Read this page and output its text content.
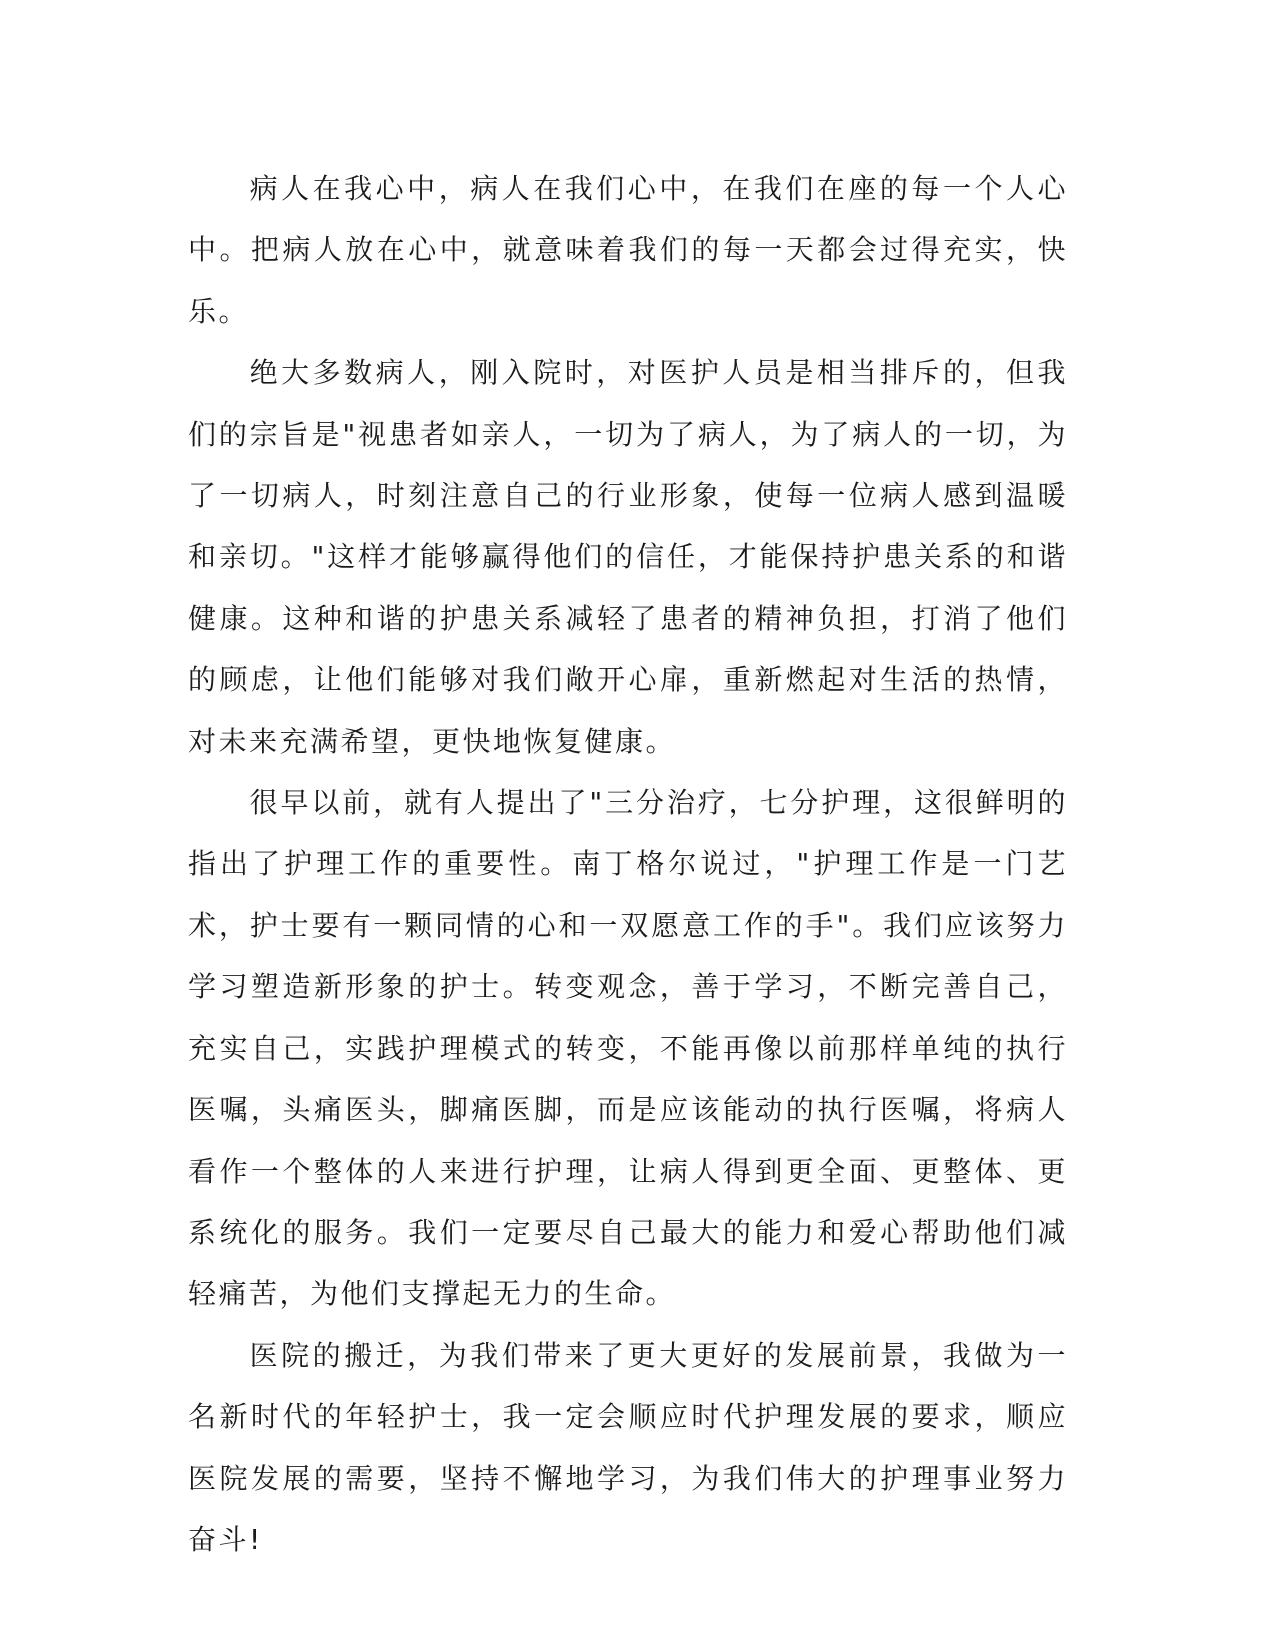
病人在我心中，病人在我们心中，在我们在座的每一个人心中。把病人放在心中，就意味着我们的每一天都会过得充实，快乐。

绝大多数病人，刚入院时，对医护人员是相当排斥的，但我们的宗旨是"视患者如亲人，一切为了病人，为了病人的一切，为了一切病人，时刻注意自己的行业形象，使每一位病人感到温暖和亲切。"这样才能够赢得他们的信任，才能保持护患关系的和谐健康。这种和谐的护患关系减轻了患者的精神负担，打消了他们的顾虑，让他们能够对我们敞开心扉，重新燃起对生活的热情，对未来充满希望，更快地恢复健康。

很早以前，就有人提出了"三分治疗，七分护理，这很鲜明的指出了护理工作的重要性。南丁格尔说过，"护理工作是一门艺术，护士要有一颗同情的心和一双愿意工作的手"。我们应该努力学习塑造新形象的护士。转变观念，善于学习，不断完善自己，充实自己，实践护理模式的转变，不能再像以前那样单纯的执行医嘱，头痛医头，脚痛医脚，而是应该能动的执行医嘱，将病人看作一个整体的人来进行护理，让病人得到更全面、更整体、更系统化的服务。我们一定要尽自己最大的能力和爱心帮助他们减轻痛苦，为他们支撑起无力的生命。

医院的搬迁，为我们带来了更大更好的发展前景，我做为一名新时代的年轻护士，我一定会顺应时代护理发展的要求，顺应医院发展的需要，坚持不懈地学习，为我们伟大的护理事业努力奋斗!
